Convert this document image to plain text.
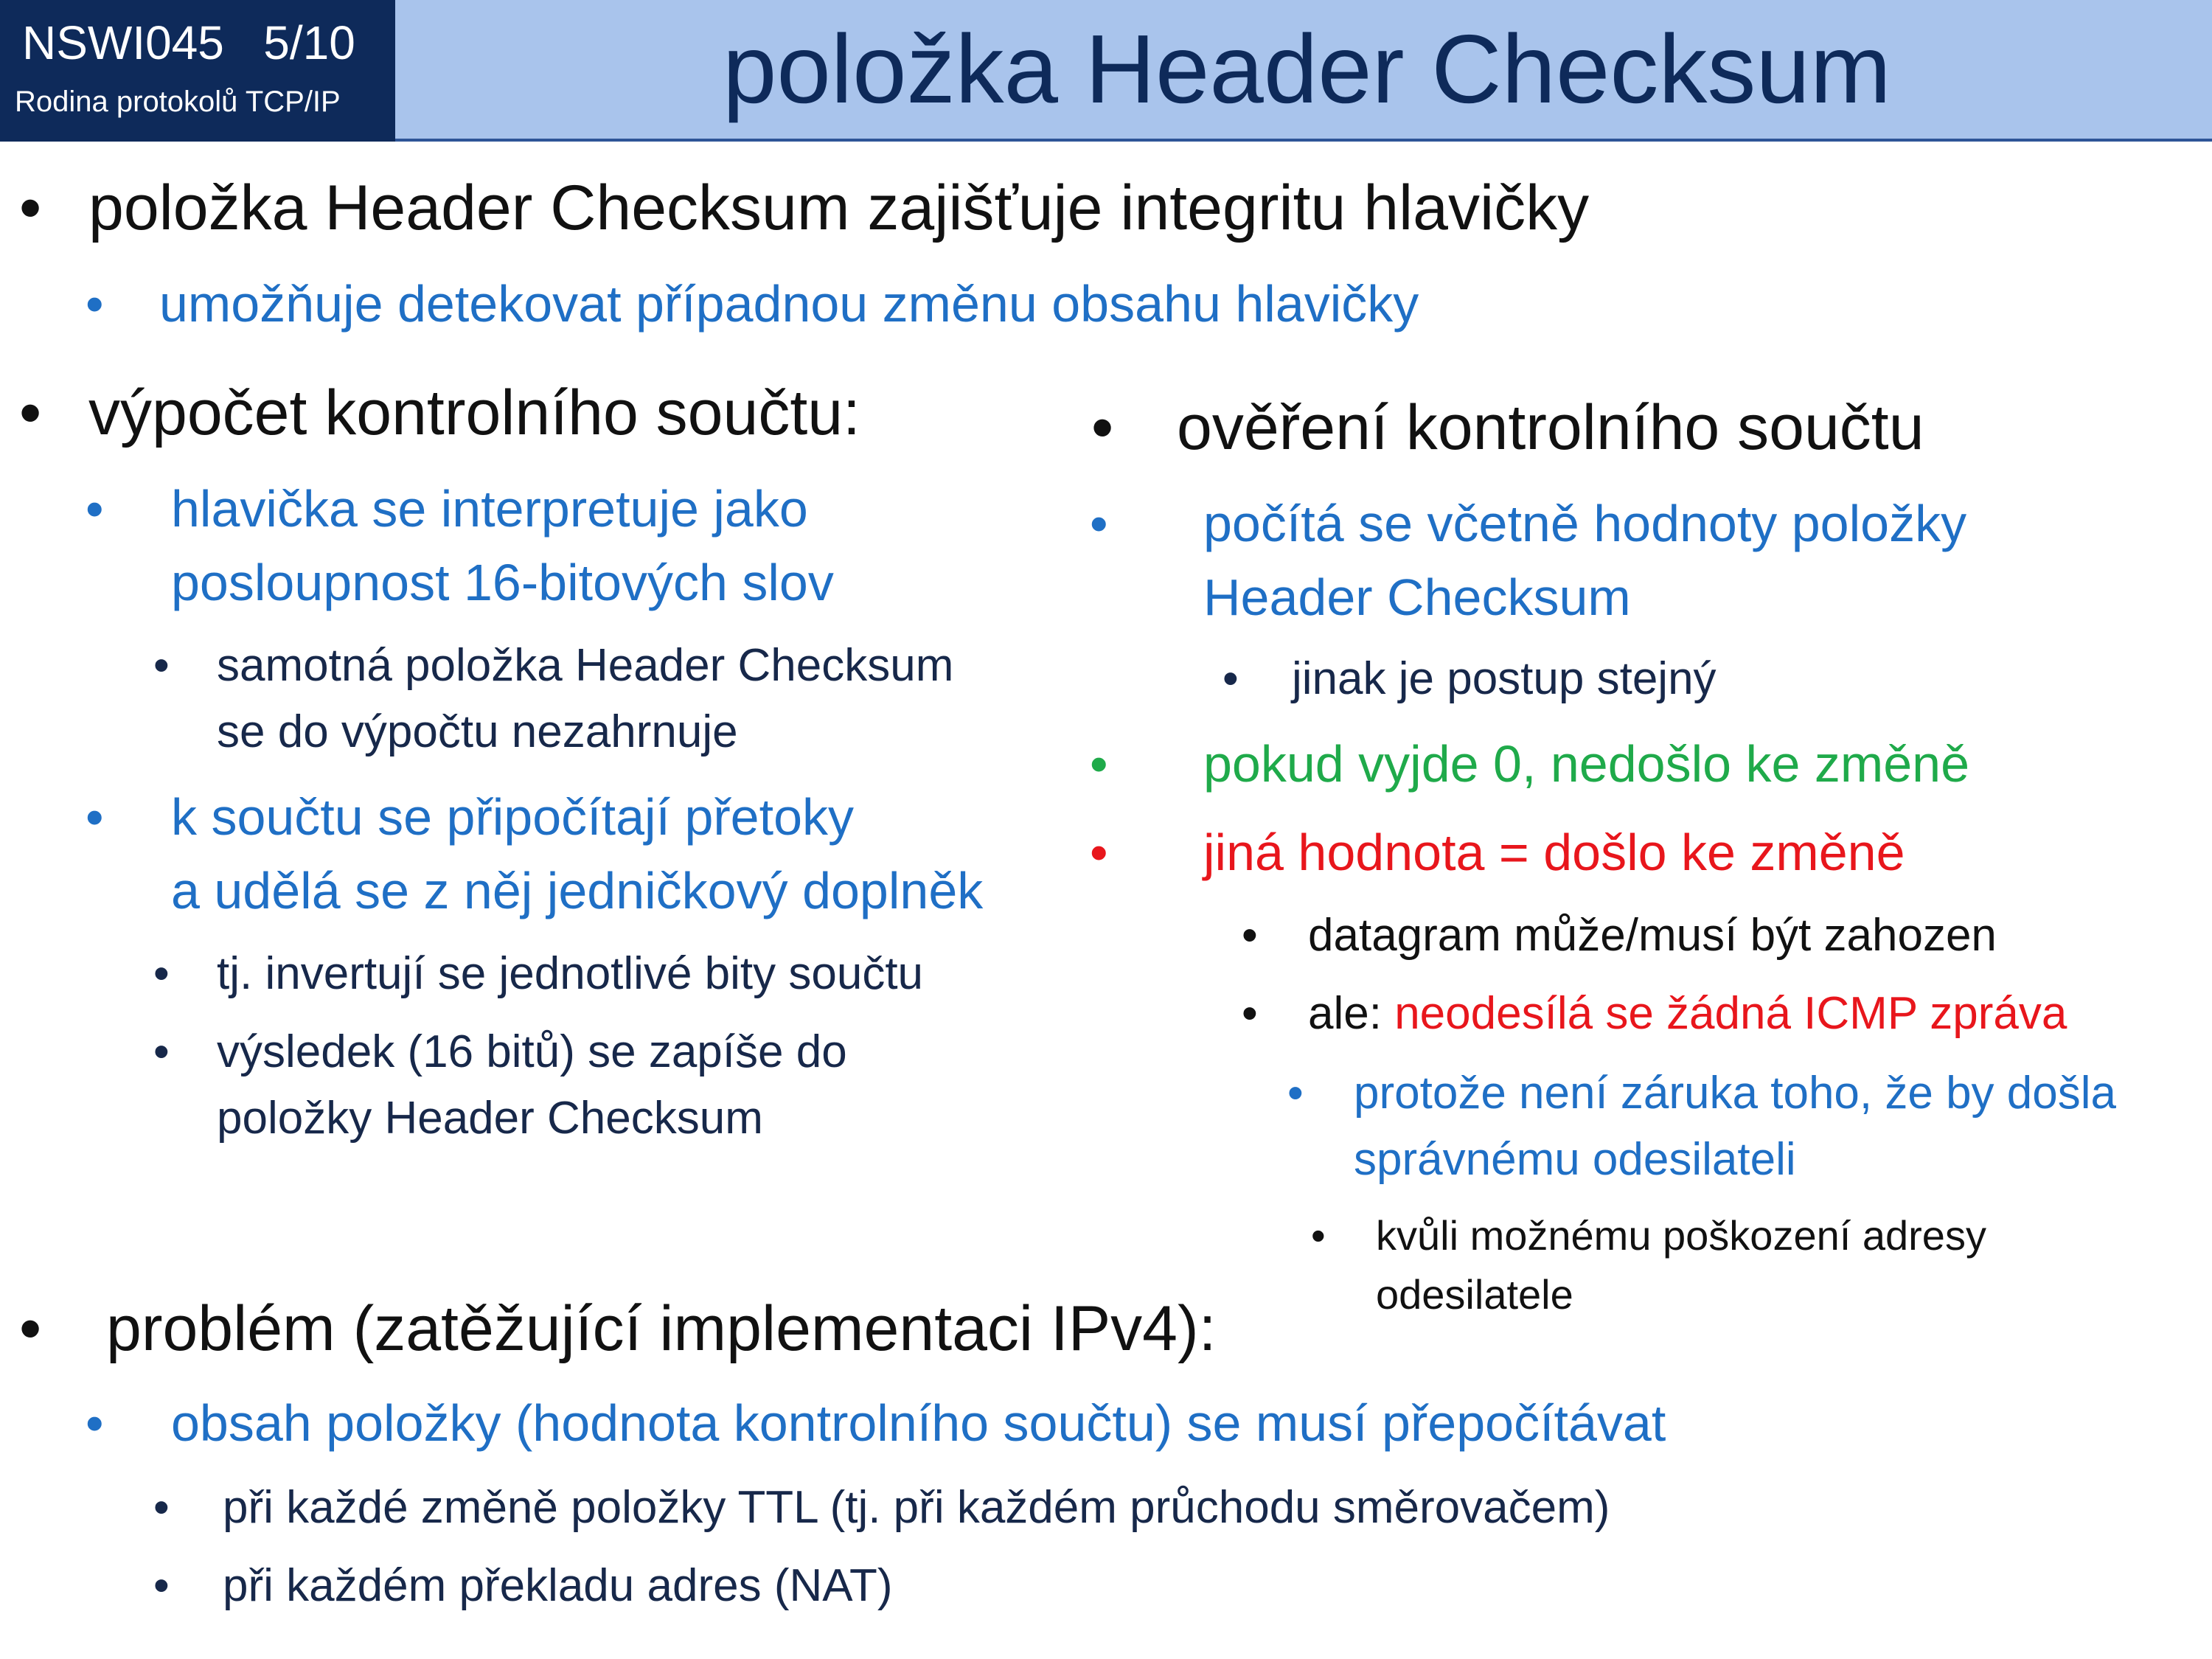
NSWI045   5/10
Rodina protokolů TCP/IP	položka Header Checksum
• položka Header Checksum zajišťuje integritu hlavičky
• umožňuje detekovat případnou změnu obsahu hlavičky
• výpočet kontrolního součtu:
• hlavička se interpretuje jako
posloupnost 16-bitových slov
• samotná položka Header Checksum
se do výpočtu nezahrnuje
• k součtu se připočítají přetoky
a udělá se z něj jedničkový doplněk
• tj. invertují se jednotlivé bity součtu
• výsledek (16 bitů) se zapíše do
položky Header Checksum
• ověření kontrolního součtu
• počítá se včetně hodnoty položky
Header Checksum
• jinak je postup stejný
• pokud vyjde 0, nedošlo ke změně
• jiná hodnota = došlo ke změně
• datagram může/musí být zahozen
• ale: neodesílá se žádná ICMP zpráva
• protože není záruka toho, že by došla
správnému odesilateli
• kvůli možnému poškození adresy
odesilatele
• problém (zatěžující implementaci IPv4):
• obsah položky (hodnota kontrolního součtu) se musí přepočítávat
• při každé změně položky TTL (tj. při každém průchodu směrovačem)
• při každém překladu adres (NAT)
